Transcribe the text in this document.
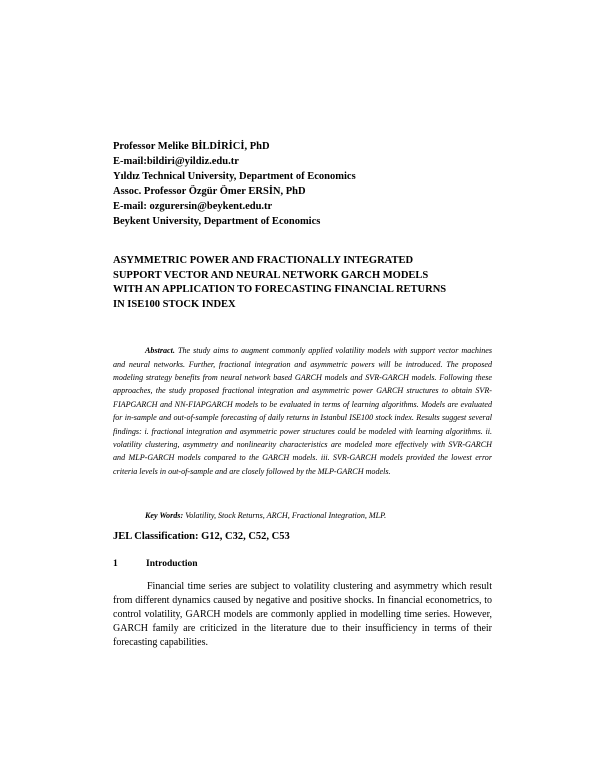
Professor Melike BİLDİRİCİ, PhD
E-mail:bildiri@yildiz.edu.tr
Yıldız Technical University, Department of Economics
Assoc. Professor Özgür Ömer ERSİN, PhD
E-mail: ozgurersin@beykent.edu.tr
Beykent University, Department of Economics
ASYMMETRIC POWER AND FRACTIONALLY INTEGRATED
SUPPORT VECTOR AND NEURAL NETWORK GARCH MODELS
WITH AN APPLICATION TO FORECASTING FINANCIAL RETURNS
IN ISE100 STOCK INDEX

Abstract. The study aims to augment commonly applied volatility models with support vector machines and neural networks. Further, fractional integration and asymmetric powers will be introduced. The proposed modeling strategy benefits from neural network based GARCH models and SVR-GARCH models. Following these approaches, the study proposed fractional integration and asymmetric power GARCH structures to obtain SVR-FIAPGARCH and NN-FIAPGARCH models to be evaluated in terms of learning algorithms. Models are evaluated for in-sample and out-of-sample forecasting of daily returns in Istanbul ISE100 stock index. Results suggest several findings: i. fractional integration and asymmetric power structures could be modeled with learning algorithms. ii. volatility clustering, asymmetry and nonlinearity characteristics are modeled more effectively with SVR-GARCH and MLP-GARCH models compared to the GARCH models. iii. SVR-GARCH models provided the lowest error criteria levels in out-of-sample and are closely followed by the MLP-GARCH models.

Key Words: Volatility, Stock Returns, ARCH, Fractional Integration, MLP.
JEL Classification: G12, C32, C52, C53
1	Introduction

Financial time series are subject to volatility clustering and asymmetry which result from different dynamics caused by negative and positive shocks. In financial econometrics, to control volatility, GARCH models are commonly applied in modelling time series. However, GARCH family are criticized in the literature due to their insufficiency in terms of their forecasting capabilities.
